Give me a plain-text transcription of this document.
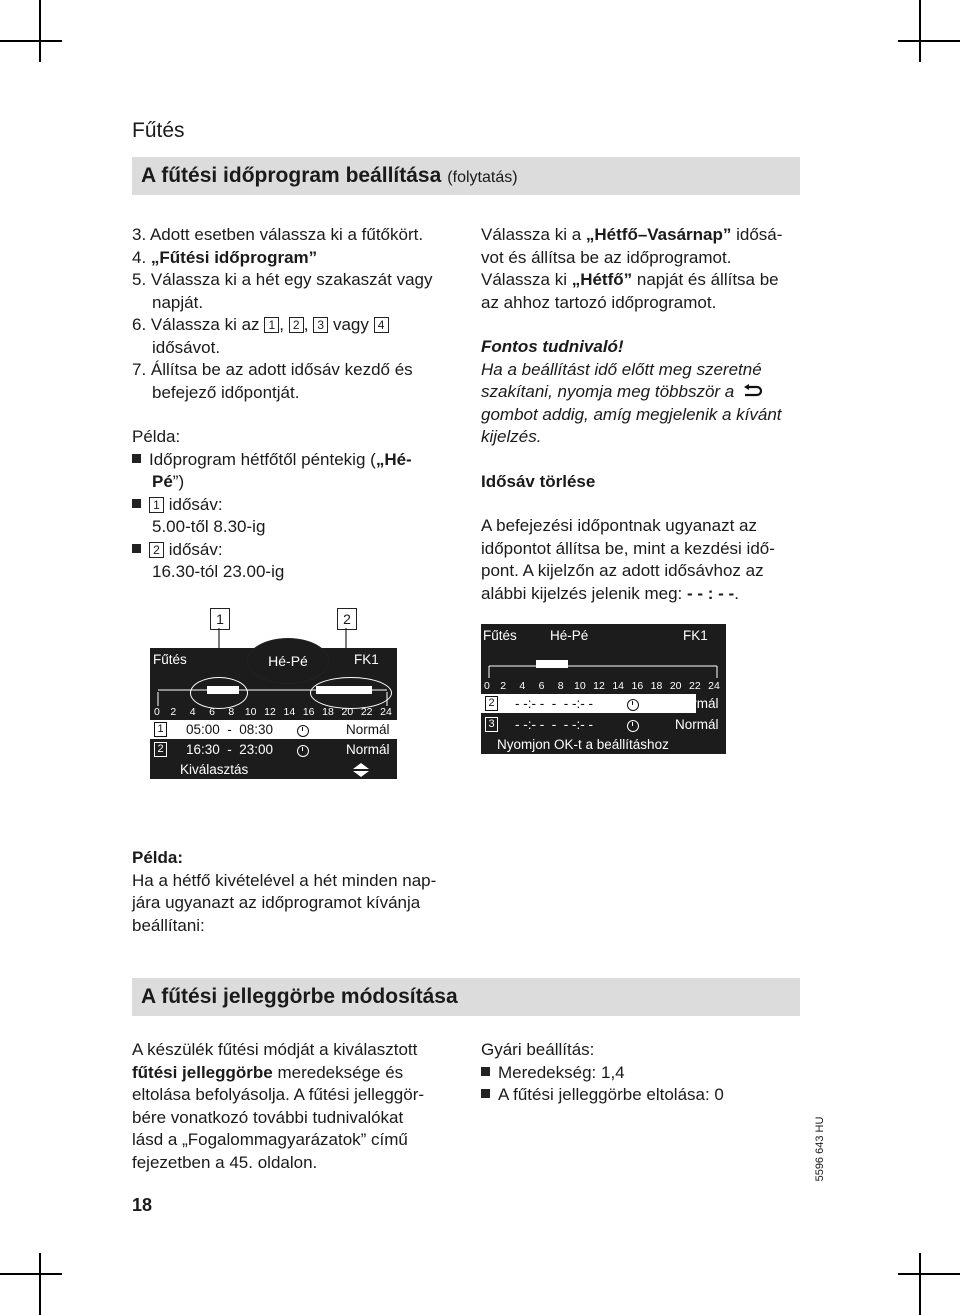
Fűtés
A fűtési időprogram beállítása (folytatás)
3. Adott esetben válassza ki a fűtőkört.
4. „Fűtési időprogram”
5. Válassza ki a hét egy szakaszát vagy
napját.
6. Válassza ki az 1 , 2 , 3 vagy 4
idősávot.
7. Állítsa be az adott idősáv kezdő és
befejező időpontját.
Példa:
Időprogram hétfőtől péntekig („Hé-
Pé”)
1 idősáv:
5.00-től 8.30-ig
2 idősáv:
16.30-tól 23.00-ig
Válassza ki a „Hétfő–Vasárnap” idősá-
vot és állítsa be az időprogramot.
Válassza ki „Hétfő” napját és állítsa be
az ahhoz tartozó időprogramot.
Fontos tudnivaló!
Ha a beállítást idő előtt meg szeretné
szakítani, nyomja meg többször a
gombot addig, amíg megjelenik a kívánt
kijelzés.
Idősáv törlése
A befejezési időpontnak ugyanazt az
időpontot állítsa be, mint a kezdési idő-
pont. A kijelzőn az adott idősávhoz az
alábbi kijelzés jelenik meg: - - : - -.
1	2
Fűtés	FK1
0 2 4 6 8 10 12 14 16 18 20 22 24
1 05:00  -  08:30	Normál
2 16:30  -  23:00	Normál
Kiválasztás
Hé-Pé
Fűtés Hé-Pé	FK1
0 2 4 6 8 10 12 14 16 18 20 22 24
2 - -:- -  -  - -:- -	Normál
3 - -:- -  -  - -:- -	Normál
Nyomjon OK-t a beállításhoz
Példa:
Ha a hétfő kivételével a hét minden nap-
jára ugyanazt az időprogramot kívánja
beállítani:
A fűtési jelleggörbe módosítása
A készülék fűtési módját a kiválasztott
fűtési jelleggörbe meredeksége és
eltolása befolyásolja. A fűtési jelleggör-
bére vonatkozó további tudnivalókat
lásd a „Fogalommagyarázatok” című
fejezetben a 45. oldalon.
Gyári beállítás:
Meredekség: 1,4
A fűtési jelleggörbe eltolása: 0
5596 643 HU
18
